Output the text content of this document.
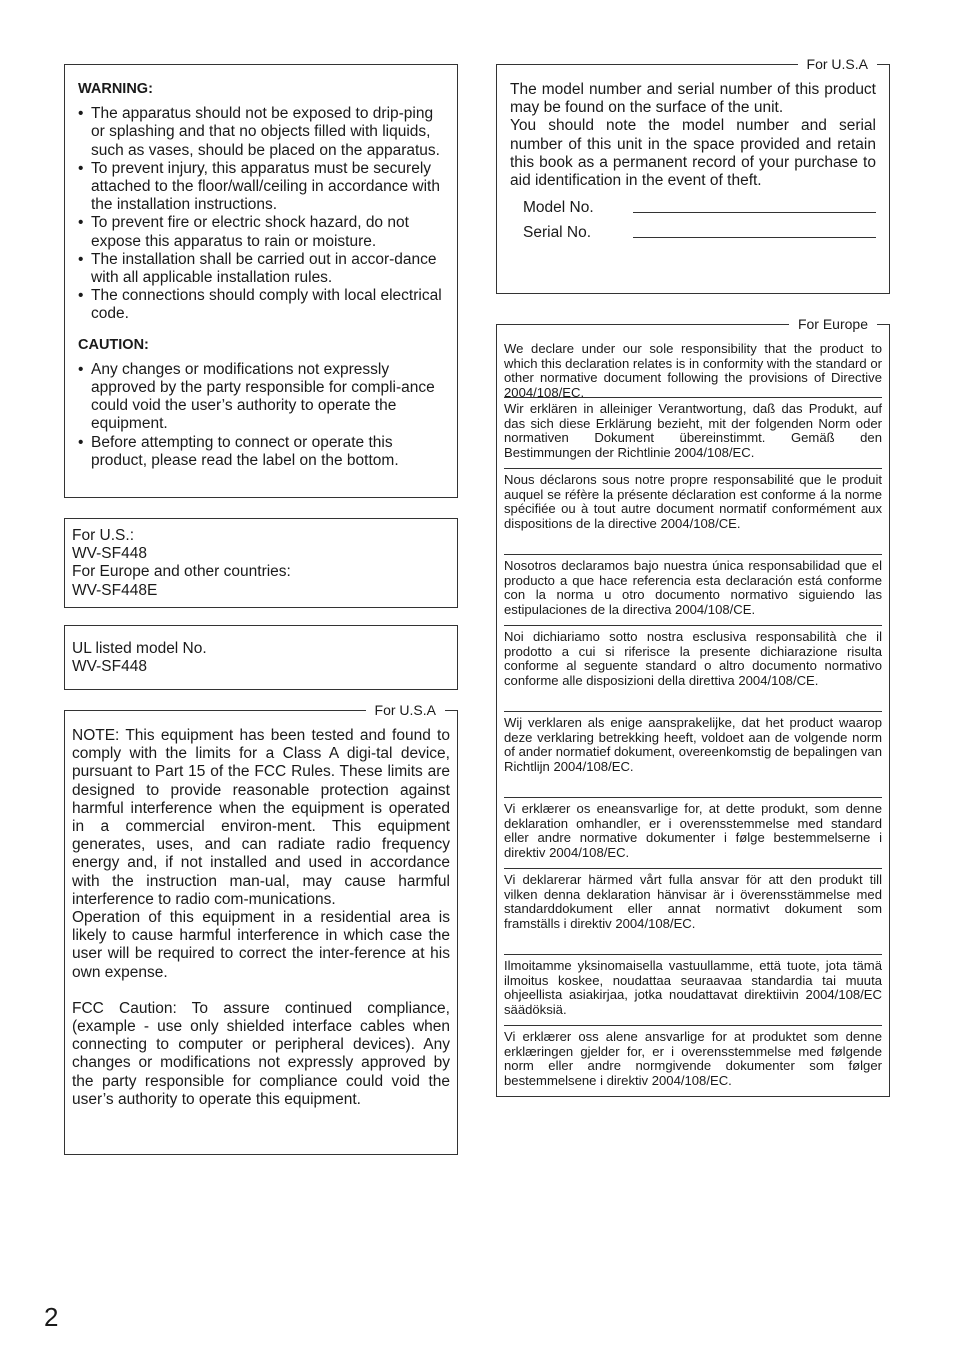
WARNING:
• The apparatus should not be exposed to drip-ping or splashing and that no objects filled with liquids, such as vases, should be placed on the apparatus.
• To prevent injury, this apparatus must be securely attached to the floor/wall/ceiling in accordance with the installation instructions.
• To prevent fire or electric shock hazard, do not expose this apparatus to rain or moisture.
• The installation shall be carried out in accor-dance with all applicable installation rules.
• The connections should comply with local electrical code.
CAUTION:
• Any changes or modifications not expressly approved by the party responsible for compli-ance could void the user’s authority to operate the equipment.
• Before attempting to connect or operate this product, please read the label on the bottom.
For U.S.:
WV-SF448
For Europe and other countries:
WV-SF448E
UL listed model No.
WV-SF448
For U.S.A
NOTE: This equipment has been tested and found to comply with the limits for a Class A digi-tal device, pursuant to Part 15 of the FCC Rules. These limits are designed to provide reasonable protection against harmful interference when the equipment is operated in a commercial environ-ment. This equipment generates, uses, and can radiate radio frequency energy and, if not installed and used in accordance with the instruction man-ual, may cause harmful interference to radio com-munications.
Operation of this equipment in a residential area is likely to cause harmful interference in which case the user will be required to correct the inter-ference at his own expense.
FCC Caution: To assure continued compliance, (example - use only shielded interface cables when connecting to computer or peripheral devices). Any changes or modifications not expressly approved by the party responsible for compliance could void the user’s authority to operate this equipment.
For U.S.A
The model number and serial number of this product may be found on the surface of the unit.
You should note the model number and serial number of this unit in the space provided and retain this book as a permanent record of your purchase to aid identification in the event of theft.
Model No.
Serial No.
For Europe
We declare under our sole responsibility that the product to which this declaration relates is in conformity with the standard or other normative document following the provisions of Directive 2004/108/EC.
Wir erklären in alleiniger Verantwortung, daß das Produkt, auf das sich diese Erklärung bezieht, mit der folgenden Norm oder normativen Dokument übereinstimmt. Gemäß den Bestimmungen der Richtlinie 2004/108/EC.
Nous déclarons sous notre propre responsabilité que le produit auquel se réfère la présente déclaration est conforme á la norme spécifiée ou à tout autre document normatif conformément aux dispositions de la directive 2004/108/CE.
Nosotros declaramos bajo nuestra única responsabilidad que el producto a que hace referencia esta declaración está conforme con la norma u otro documento normativo siguiendo las estipulaciones de la directiva 2004/108/CE.
Noi dichiariamo sotto nostra esclusiva responsabilità che il prodotto a cui si riferisce la presente dichiarazione risulta conforme al seguente standard o altro documento normativo conforme alle disposizioni della direttiva 2004/108/CE.
Wij verklaren als enige aansprakelijke, dat het product waarop deze verklaring betrekking heeft, voldoet aan de volgende norm of ander normatief dokument, overeenkomstig de bepalingen van Richtlijn 2004/108/EC.
Vi erklærer os eneansvarlige for, at dette produkt, som denne deklaration omhandler, er i overensstemmelse med standard eller andre normative dokumenter i følge bestemmelserne i direktiv 2004/108/EC.
Vi deklarerar härmed vårt fulla ansvar för att den produkt till vilken denna deklaration hänvisar är i överensstämmelse med standarddokument eller annat normativt dokument som framställs i direktiv 2004/108/EC.
Ilmoitamme yksinomaisella vastuullamme, että tuote, jota tämä ilmoitus koskee, noudattaa seuraavaa standardia tai muuta ohjeellista asiakirjaa, jotka noudattavat direktiivin 2004/108/EC säädöksiä.
Vi erklærer oss alene ansvarlige for at produktet som denne erklæringen gjelder for, er i overensstemmelse med følgende norm eller andre normgivende dokumenter som følger bestemmelsene i direktiv 2004/108/EC.
2
